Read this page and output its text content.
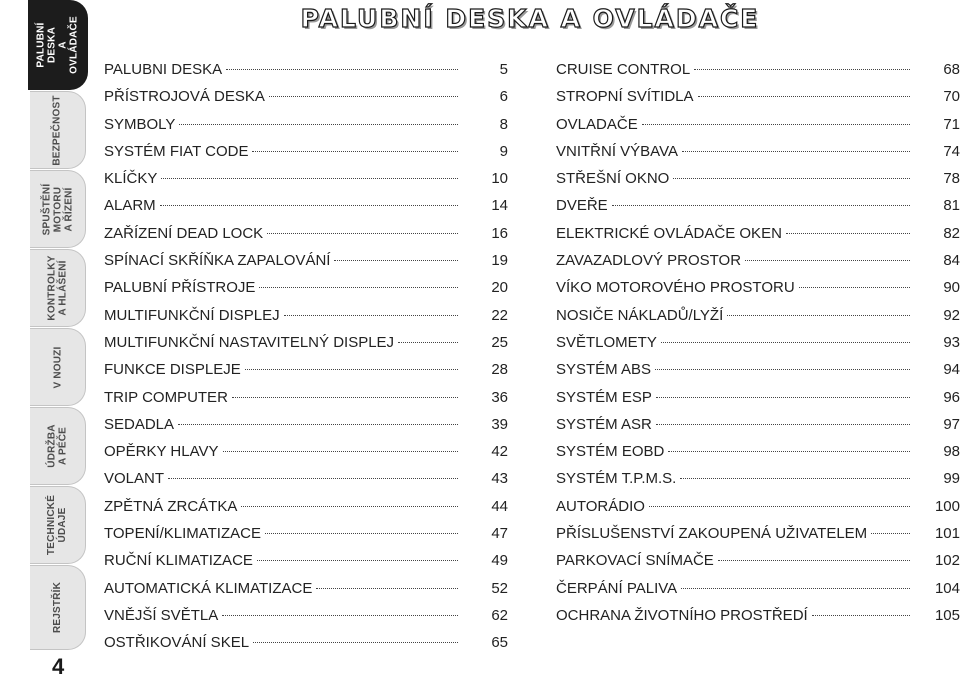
PALUBNÍ DESKA
A OVLÁDAČE
BEZPEČNOST
SPUŠTĚNÍ
MOTORU
A ŘÍZENÍ
KONTROLKY
A HLÁŠENÍ
V NOUZI
ÚDRŽBA
A PÉČE
TECHNICKÉ
ÚDAJE
REJSTŘÍK
4
PALUBNÍ DESKA A OVLÁDAČE
PALUBNI DESKA	5
PŘÍSTROJOVÁ DESKA	6
SYMBOLY	8
SYSTÉM FIAT CODE	9
KLÍČKY	10
ALARM	14
ZAŘÍZENÍ DEAD LOCK	16
SPÍNACÍ SKŘÍŇKA ZAPALOVÁNÍ	19
PALUBNÍ PŘÍSTROJE	20
MULTIFUNKČNÍ DISPLEJ	22
MULTIFUNKČNÍ NASTAVITELNÝ DISPLEJ	25
FUNKCE DISPLEJE	28
TRIP COMPUTER	36
SEDADLA	39
OPĚRKY HLAVY	42
VOLANT	43
ZPĚTNÁ ZRCÁTKA	44
TOPENÍ/KLIMATIZACE	47
RUČNÍ KLIMATIZACE	49
AUTOMATICKÁ KLIMATIZACE	52
VNĚJŠÍ SVĚTLA	62
OSTŘIKOVÁNÍ SKEL	65
CRUISE CONTROL	68
STROPNÍ SVÍTIDLA	70
OVLADAČE	71
VNITŘNÍ VÝBAVA	74
STŘEŠNÍ OKNO	78
DVEŘE	81
ELEKTRICKÉ OVLÁDAČE OKEN	82
ZAVAZADLOVÝ PROSTOR	84
VÍKO MOTOROVÉHO PROSTORU	90
NOSIČE NÁKLADŮ/LYŽÍ	92
SVĚTLOMETY	93
SYSTÉM ABS	94
SYSTÉM ESP	96
SYSTÉM ASR	97
SYSTÉM EOBD	98
SYSTÉM T.P.M.S.	99
AUTORÁDIO	100
PŘÍSLUŠENSTVÍ ZAKOUPENÁ UŽIVATELEM	101
PARKOVACÍ SNÍMAČE	102
ČERPÁNÍ PALIVA	104
OCHRANA ŽIVOTNÍHO PROSTŘEDÍ	105
